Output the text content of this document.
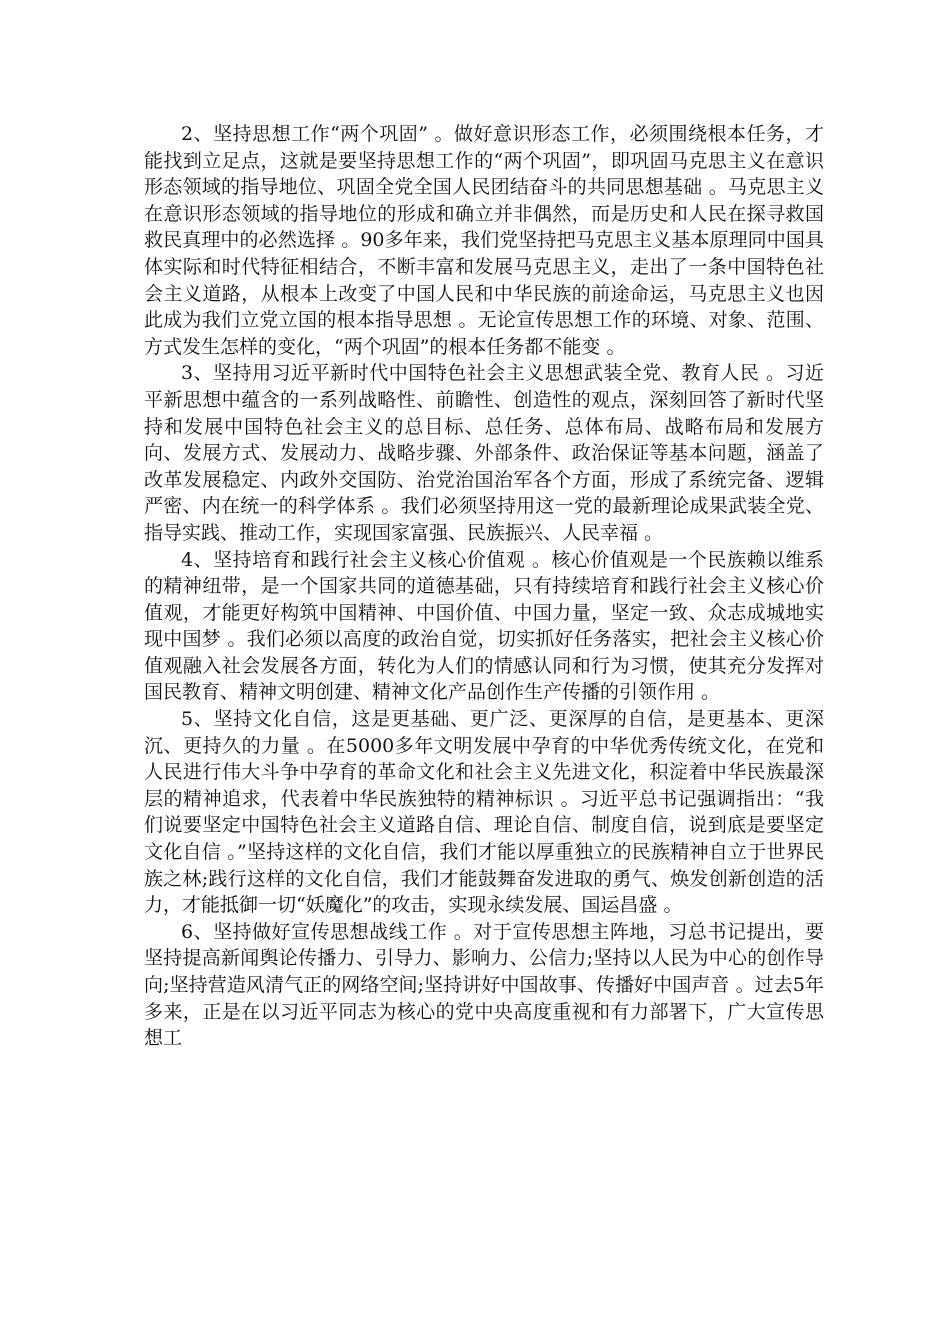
2、坚持思想工作“两个巩固” 。做好意识形态工作，必须围绕根本任务，才能找到立足点，这就是要坚持思想工作的“两个巩固”，即巩固马克思主义在意识形态领域的指导地位、巩固全党全国人民团结奋斗的共同思想基础 。马克思主义在意识形态领域的指导地位的形成和确立并非偶然，而是历史和人民在探寻救国救民真理中的必然选择 。90多年来，我们党坚持把马克思主义基本原理同中国具体实际和时代特征相结合，不断丰富和发展马克思主义，走出了一条中国特色社会主义道路，从根本上改变了中国人民和中华民族的前途命运，马克思主义也因此成为我们立党立国的根本指导思想 。无论宣传思想工作的环境、对象、范围、方式发生怎样的变化，“两个巩固”的根本任务都不能变 。

3、坚持用习近平新时代中国特色社会主义思想武装全党、教育人民 。习近平新思想中蕴含的一系列战略性、前瞻性、创造性的观点，深刻回答了新时代坚持和发展中国特色社会主义的总目标、总任务、总体布局、战略布局和发展方向、发展方式、发展动力、战略步骤、外部条件、政治保证等基本问题，涵盖了改革发展稳定、内政外交国防、治党治国治军各个方面，形成了系统完备、逻辑严密、内在统一的科学体系 。我们必须坚持用这一党的最新理论成果武装全党、指导实践、推动工作，实现国家富强、民族振兴、人民幸福 。

4、坚持培育和践行社会主义核心价值观 。核心价值观是一个民族赖以维系的精神纽带，是一个国家共同的道德基础，只有持续培育和践行社会主义核心价值观，才能更好构筑中国精神、中国价值、中国力量，坚定一致、众志成城地实现中国梦 。我们必须以高度的政治自觉，切实抓好任务落实，把社会主义核心价值观融入社会发展各方面，转化为人们的情感认同和行为习惯，使其充分发挥对国民教育、精神文明创建、精神文化产品创作生产传播的引领作用 。

5、坚持文化自信，这是更基础、更广泛、更深厚的自信，是更基本、更深沉、更持久的力量 。在5000多年文明发展中孕育的中华优秀传统文化，在党和人民进行伟大斗争中孕育的革命文化和社会主义先进文化，积淀着中华民族最深层的精神追求，代表着中华民族独特的精神标识 。习近平总书记强调指出：“我们说要坚定中国特色社会主义道路自信、理论自信、制度自信，说到底是要坚定文化自信 。”坚持这样的文化自信，我们才能以厚重独立的民族精神自立于世界民族之林;践行这样的文化自信，我们才能鼓舞奋发进取的勇气、焕发创新创造的活力，才能抵御一切“妖魔化”的攻击，实现永续发展、国运昌盛 。

6、坚持做好宣传思想战线工作 。对于宣传思想主阵地，习总书记提出，要坚持提高新闻舆论传播力、引导力、影响力、公信力;坚持以人民为中心的创作导向;坚持营造风清气正的网络空间;坚持讲好中国故事、传播好中国声音 。过去5年多来，正是在以习近平同志为核心的党中央高度重视和有力部署下，广大宣传思想工
